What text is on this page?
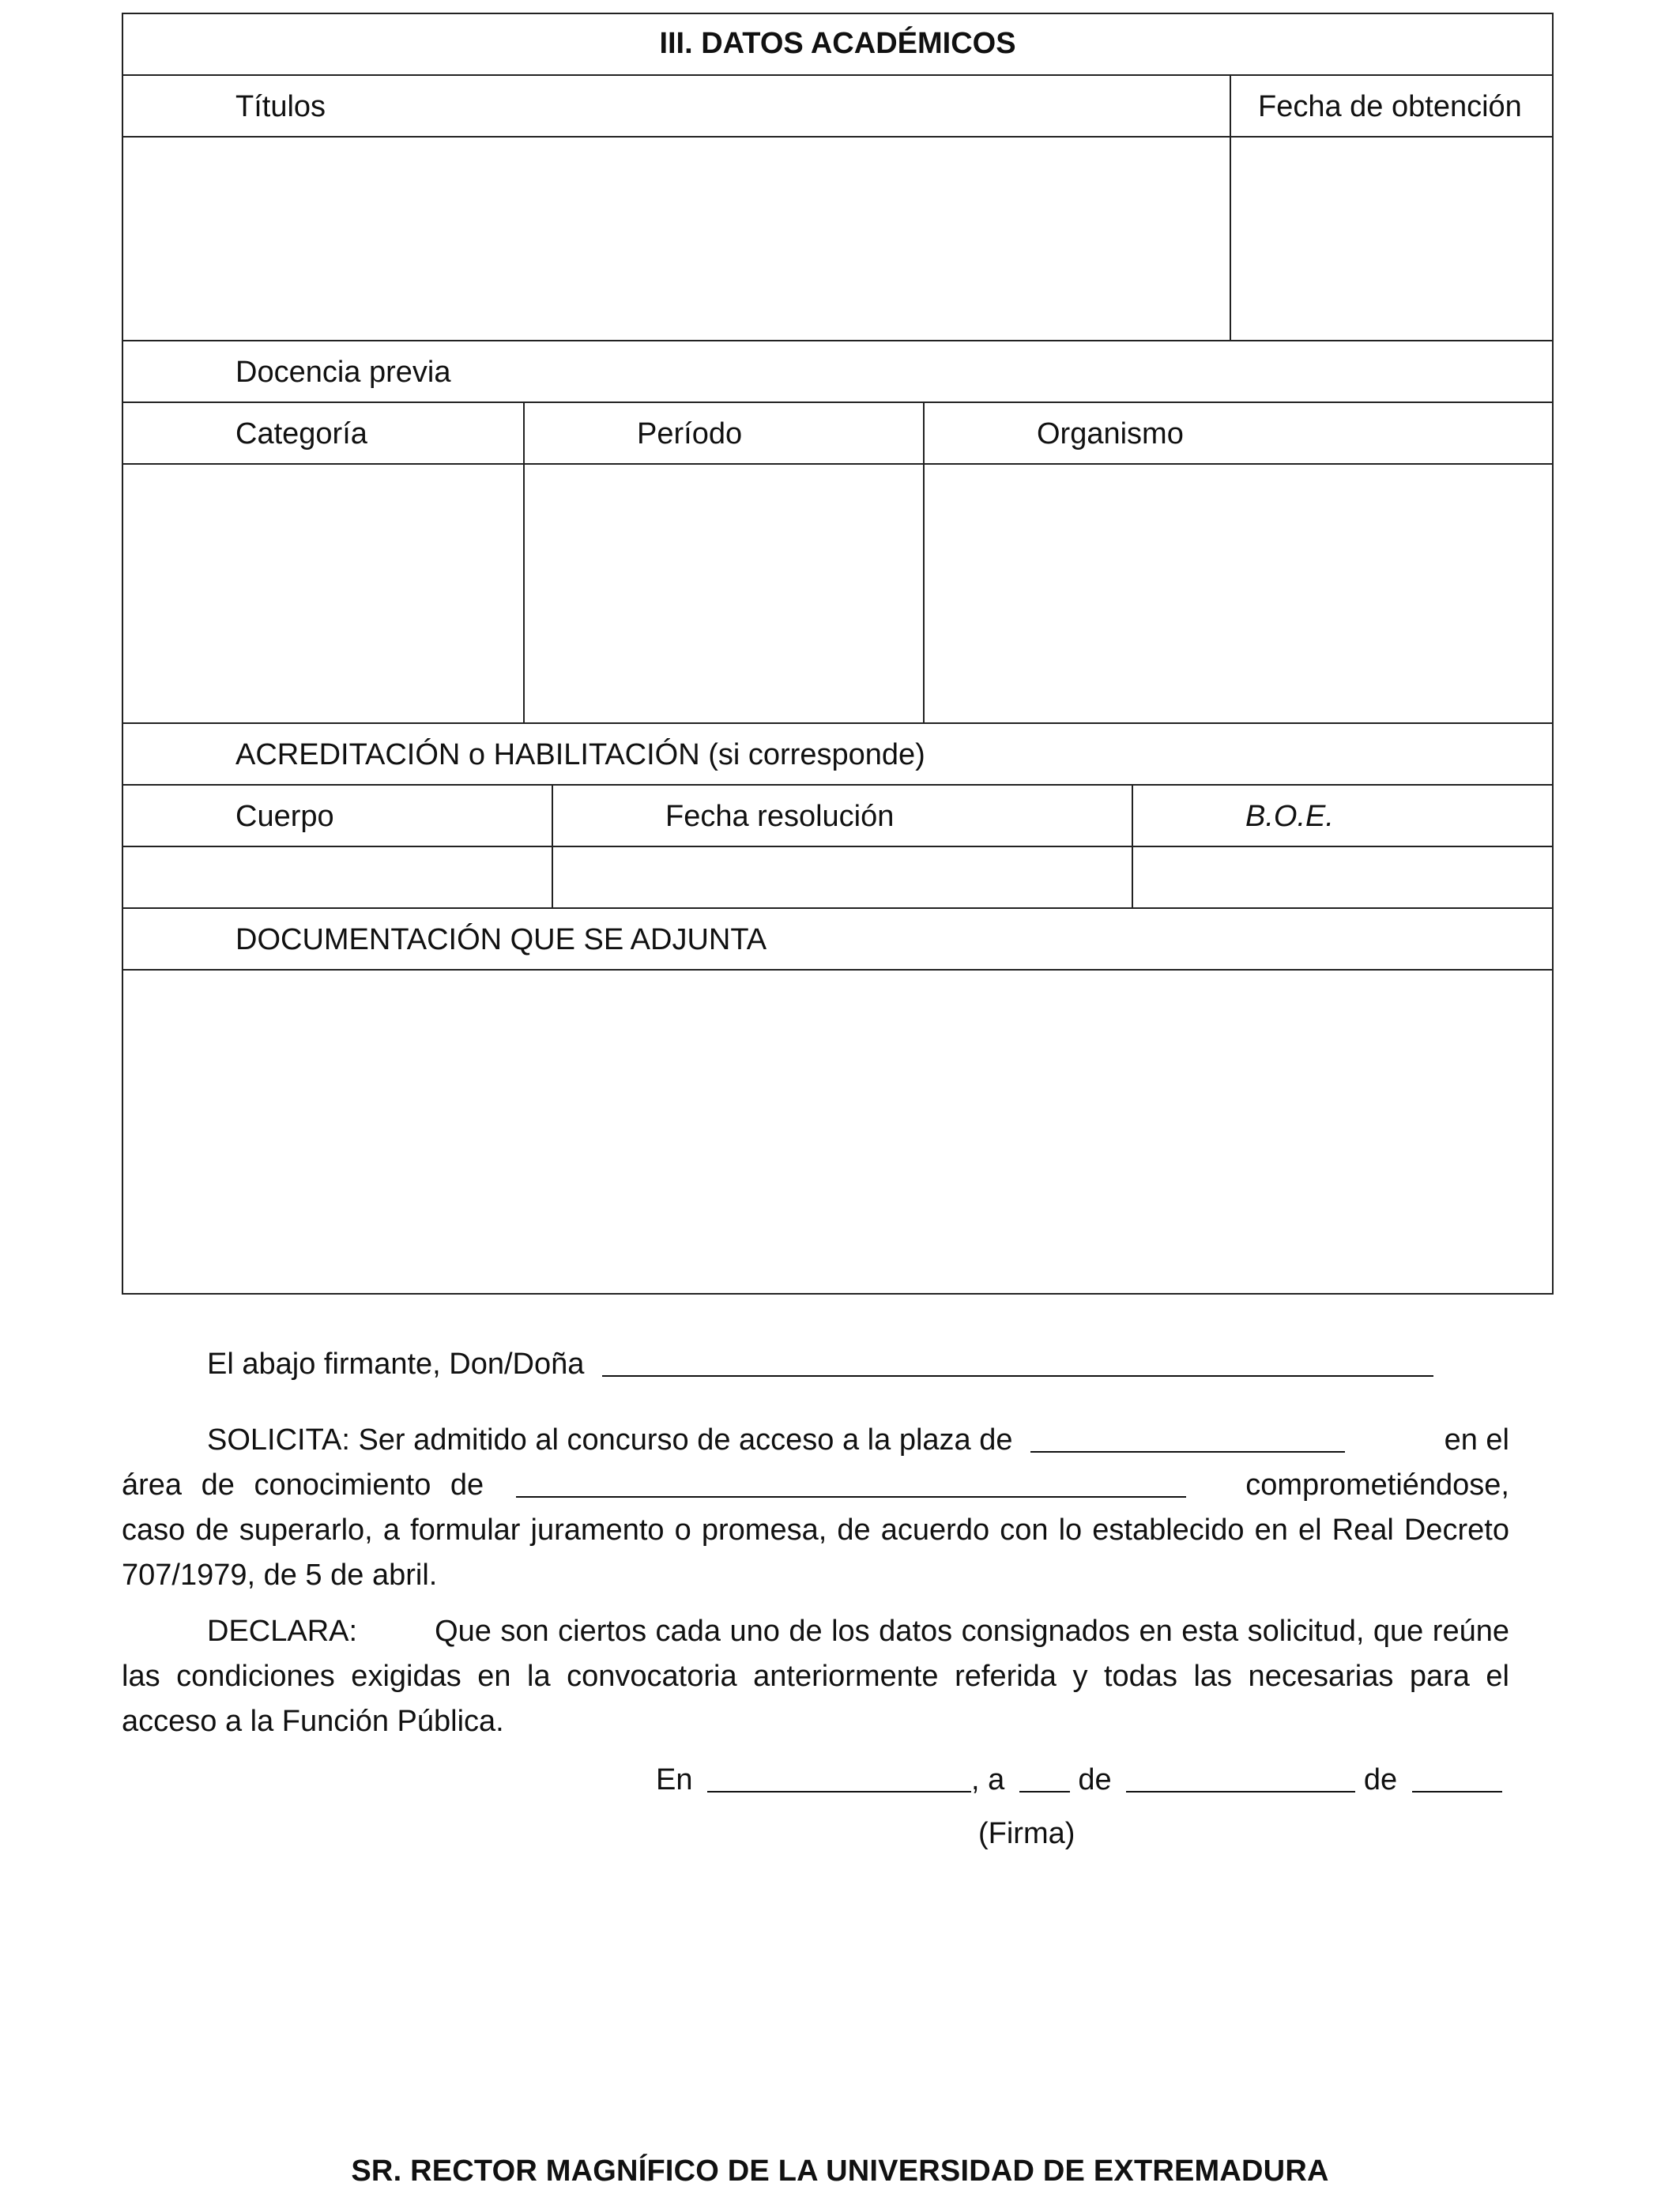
III. DATOS ACADÉMICOS
Títulos	Fecha de obtención
Docencia previa
Categoría	Período	Organismo
ACREDITACIÓN o HABILITACIÓN (si corresponde)
Cuerpo	Fecha resolución	B.O.E.
DOCUMENTACIÓN QUE SE ADJUNTA
El abajo firmante, Don/Doña
SOLICITA: Ser admitido al concurso de acceso a la plaza de	en el
área de conocimiento de	comprometiéndose,
caso de superarlo, a formular juramento o promesa, de acuerdo con lo establecido en el Real Decreto 707/1979, de 5 de abril.
DECLARA:	Que son ciertos cada uno de los datos consignados en esta solicitud, que reúne las condiciones exigidas en la convocatoria anteriormente referida y todas las necesarias para el acceso a la Función Pública.
En	, a de	de
(Firma)
SR. RECTOR MAGNÍFICO DE LA UNIVERSIDAD DE EXTREMADURA
